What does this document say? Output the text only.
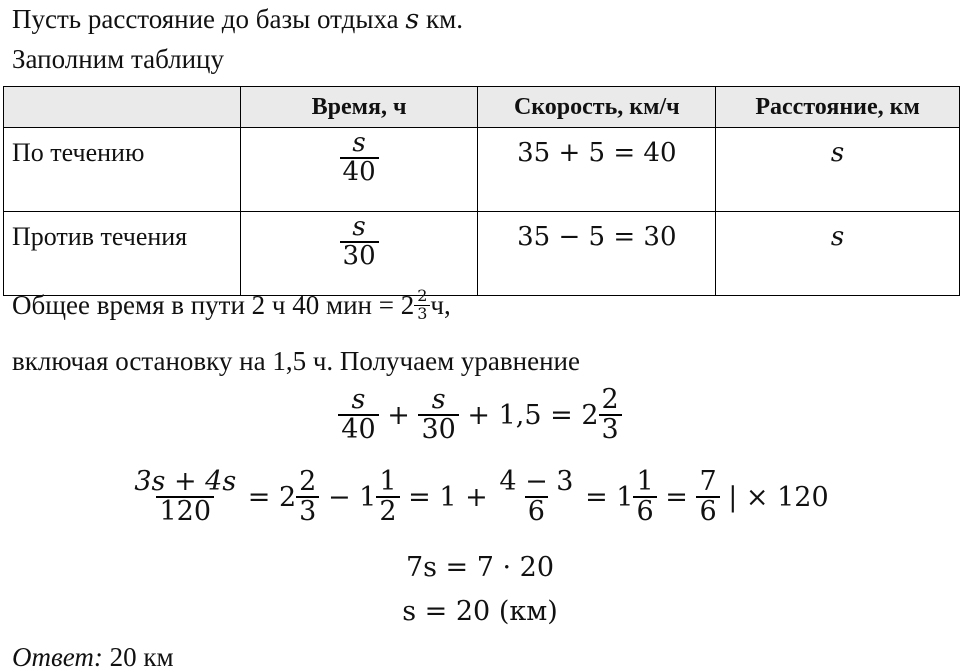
Пусть расстояние до базы отдыха s км.
Заполним таблицу
	Время, ч	Скорость, км/ч	Расстояние, км
По течению	$\frac{s}{40}$	35 + 5 = 40	s
Против течения	$\frac{s}{30}$	35 − 5 = 30	s
Общее время в пути 2 ч 40 мин = $2 \frac{2}{3} ч$,
включая остановку на 1,5 ч. Получаем уравнение
$\frac{s}{40} + \frac{s}{30} + 1,5 = 2 \frac{2}{3}$
$\frac{3s + 4s}{120} = 2 \frac{2}{3} - 1 \frac{1}{2} = 1 + \frac{4 - 3}{6} = 1 \frac{1}{6} = \frac{7}{6}$ | × 120
7s = 7 · 20
s = 20 (км)
Ответ: 20 км
